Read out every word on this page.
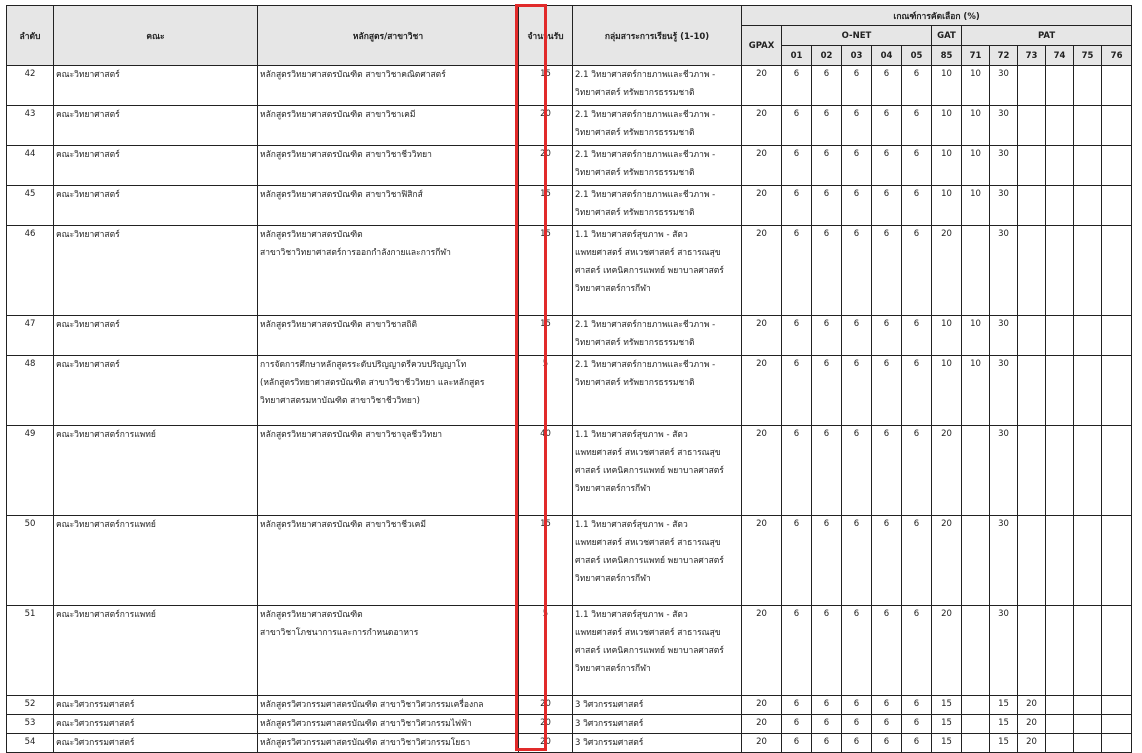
ลำดับ	คณะ	หลักสูตร/สาขาวิชา	จำนวนรับ	กลุ่มสาระการเรียนรู้ (1-10)	เกณฑ์การคัดเลือก (%)												
					GPAX	O-NET					GAT	PAT					
						01	02	03	04	05	85	71	72	73	74	75	76

42	คณะวิทยาศาสตร์	หลักสูตรวิทยาศาสตรบัณฑิต สาขาวิชาคณิตศาสตร์	15	2.1 วิทยาศาสตร์กายภาพและชีวภาพ -
วิทยาศาสตร์ ทรัพยากรธรรมชาติ	20	6	6	6	6	6	10	10	30				

43	คณะวิทยาศาสตร์	หลักสูตรวิทยาศาสตรบัณฑิต สาขาวิชาเคมี	20	2.1 วิทยาศาสตร์กายภาพและชีวภาพ -
วิทยาศาสตร์ ทรัพยากรธรรมชาติ	20	6	6	6	6	6	10	10	30				

44	คณะวิทยาศาสตร์	หลักสูตรวิทยาศาสตรบัณฑิต สาขาวิชาชีววิทยา	20	2.1 วิทยาศาสตร์กายภาพและชีวภาพ -
วิทยาศาสตร์ ทรัพยากรธรรมชาติ	20	6	6	6	6	6	10	10	30				

45	คณะวิทยาศาสตร์	หลักสูตรวิทยาศาสตรบัณฑิต สาขาวิชาฟิสิกส์	15	2.1 วิทยาศาสตร์กายภาพและชีวภาพ -
วิทยาศาสตร์ ทรัพยากรธรรมชาติ	20	6	6	6	6	6	10	10	30				

46	คณะวิทยาศาสตร์	หลักสูตรวิทยาศาสตรบัณฑิต
สาขาวิชาวิทยาศาสตร์การออกกำลังกายและการกีฬา	15	1.1 วิทยาศาสตร์สุขภาพ - สัตว
แพทยศาสตร์ สหเวชศาสตร์ สาธารณสุข
ศาสตร์ เทคนิคการแพทย์ พยาบาลศาสตร์
วิทยาศาสตร์การกีฬา	20	6	6	6	6	6	20		30				

47	คณะวิทยาศาสตร์	หลักสูตรวิทยาศาสตรบัณฑิต สาขาวิชาสถิติ	15	2.1 วิทยาศาสตร์กายภาพและชีวภาพ -
วิทยาศาสตร์ ทรัพยากรธรรมชาติ	20	6	6	6	6	6	10	10	30				

48	คณะวิทยาศาสตร์	การจัดการศึกษาหลักสูตรระดับปริญญาตรีควบปริญญาโท
(หลักสูตรวิทยาศาสตรบัณฑิต สาขาวิชาชีววิทยา และหลักสูตร
วิทยาศาสตรมหาบัณฑิต สาขาวิชาชีววิทยา)	5	2.1 วิทยาศาสตร์กายภาพและชีวภาพ -
วิทยาศาสตร์ ทรัพยากรธรรมชาติ	20	6	6	6	6	6	10	10	30				

49	คณะวิทยาศาสตร์การแพทย์	หลักสูตรวิทยาศาสตรบัณฑิต สาขาวิชาจุลชีววิทยา	40	1.1 วิทยาศาสตร์สุขภาพ - สัตว
แพทยศาสตร์ สหเวชศาสตร์ สาธารณสุข
ศาสตร์ เทคนิคการแพทย์ พยาบาลศาสตร์
วิทยาศาสตร์การกีฬา	20	6	6	6	6	6	20		30				

50	คณะวิทยาศาสตร์การแพทย์	หลักสูตรวิทยาศาสตรบัณฑิต สาขาวิชาชีวเคมี	15	1.1 วิทยาศาสตร์สุขภาพ - สัตว
แพทยศาสตร์ สหเวชศาสตร์ สาธารณสุข
ศาสตร์ เทคนิคการแพทย์ พยาบาลศาสตร์
วิทยาศาสตร์การกีฬา	20	6	6	6	6	6	20		30				

51	คณะวิทยาศาสตร์การแพทย์	หลักสูตรวิทยาศาสตรบัณฑิต
สาขาวิชาโภชนาการและการกำหนดอาหาร	5	1.1 วิทยาศาสตร์สุขภาพ - สัตว
แพทยศาสตร์ สหเวชศาสตร์ สาธารณสุข
ศาสตร์ เทคนิคการแพทย์ พยาบาลศาสตร์
วิทยาศาสตร์การกีฬา	20	6	6	6	6	6	20		30				

52	คณะวิศวกรรมศาสตร์	หลักสูตรวิศวกรรมศาสตรบัณฑิต สาขาวิชาวิศวกรรมเครื่องกล	20	3 วิศวกรรมศาสตร์	20	6	6	6	6	6	15		15	20			

53	คณะวิศวกรรมศาสตร์	หลักสูตรวิศวกรรมศาสตรบัณฑิต สาขาวิชาวิศวกรรมไฟฟ้า	20	3 วิศวกรรมศาสตร์	20	6	6	6	6	6	15		15	20			

54	คณะวิศวกรรมศาสตร์	หลักสูตรวิศวกรรมศาสตรบัณฑิต สาขาวิชาวิศวกรรมโยธา	20	3 วิศวกรรมศาสตร์	20	6	6	6	6	6	15		15	20			
